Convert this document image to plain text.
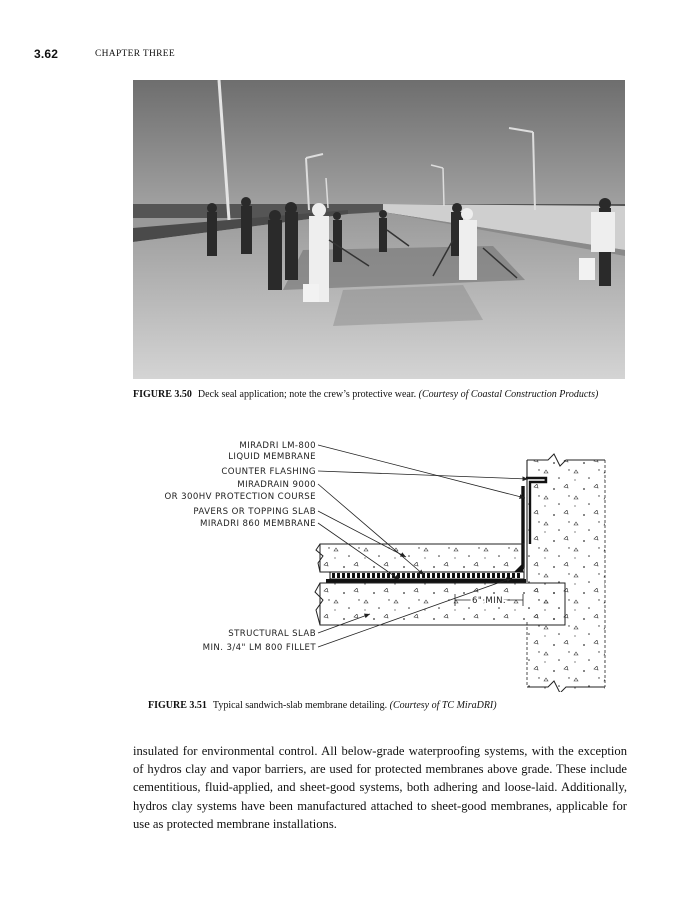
3.62	CHAPTER THREE
FIGURE 3.50 Deck seal application; note the crew’s protective wear. (Courtesy of Coastal Construction Products)
MIRADRI LM-800
LIQUID MEMBRANE
COUNTER FLASHING
MIRADRAIN 9000
OR 300HV PROTECTION COURSE
PAVERS OR TOPPING SLAB
MIRADRI 860 MEMBRANE
6" MIN.
STRUCTURAL SLAB
MIN. 3/4" LM 800 FILLET
FIGURE 3.51 Typical sandwich-slab membrane detailing. (Courtesy of TC MiraDRI)
insulated for environmental control. All below-grade waterproofing systems, with the exception of hydros clay and vapor barriers, are used for protected membranes above grade. These include cementitious, fluid-applied, and sheet-good systems, both adhering and loose-laid. Additionally, hydros clay systems have been manufactured attached to sheet-good membranes, applicable for use as protected membrane installations.
